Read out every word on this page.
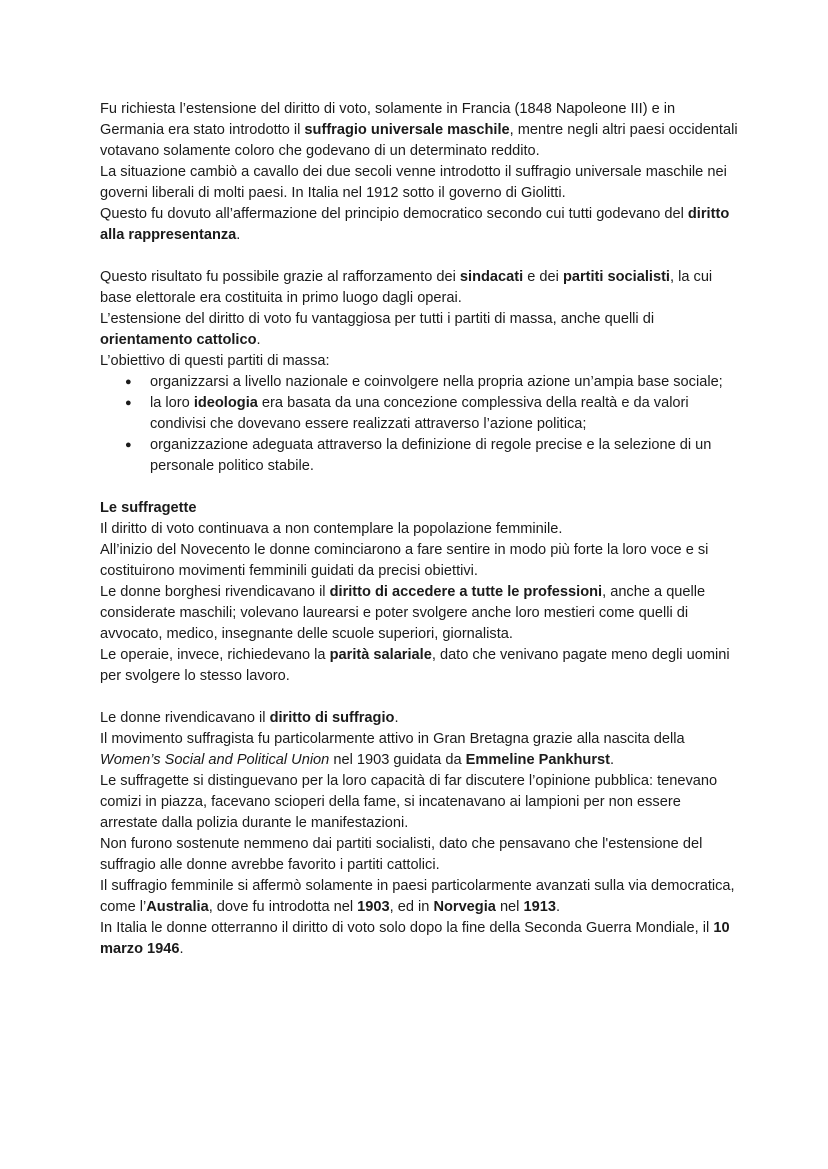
Fu richiesta l’estensione del diritto di voto, solamente in Francia (1848 Napoleone III) e in Germania era stato introdotto il suffragio universale maschile, mentre negli altri paesi occidentali votavano solamente coloro che godevano di un determinato reddito.

La situazione cambiò a cavallo dei due secoli venne introdotto il suffragio universale maschile nei governi liberali di molti paesi. In Italia nel 1912 sotto il governo di Giolitti.

Questo fu dovuto all’affermazione del principio democratico secondo cui tutti godevano del diritto alla rappresentanza.

Questo risultato fu possibile grazie al rafforzamento dei sindacati e dei partiti socialisti, la cui base elettorale era costituita in primo luogo dagli operai.

L’estensione del diritto di voto fu vantaggiosa per tutti i partiti di massa, anche quelli di orientamento cattolico.

L’obiettivo di questi partiti di massa:

● organizzarsi a livello nazionale e coinvolgere nella propria azione un’ampia base sociale;
● la loro ideologia era basata da una concezione complessiva della realtà e da valori condivisi che dovevano essere realizzati attraverso l’azione politica;
● organizzazione adeguata attraverso la definizione di regole precise e la selezione di un personale politico stabile.

Le suffragette

Il diritto di voto continuava a non contemplare la popolazione femminile.

All’inizio del Novecento le donne cominciarono a fare sentire in modo più forte la loro voce e si costituirono movimenti femminili guidati da precisi obiettivi.

Le donne borghesi rivendicavano il diritto di accedere a tutte le professioni, anche a quelle considerate maschili; volevano laurearsi e poter svolgere anche loro mestieri come quelli di avvocato, medico, insegnante delle scuole superiori, giornalista.

Le operaie, invece, richiedevano la parità salariale, dato che venivano pagate meno degli uomini per svolgere lo stesso lavoro.

Le donne rivendicavano il diritto di suffragio.

Il movimento suffragista fu particolarmente attivo in Gran Bretagna grazie alla nascita della Women’s Social and Political Union nel 1903 guidata da Emmeline Pankhurst.

Le suffragette si distinguevano per la loro capacità di far discutere l’opinione pubblica: tenevano comizi in piazza, facevano scioperi della fame, si incatenavano ai lampioni per non essere arrestate dalla polizia durante le manifestazioni.

Non furono sostenute nemmeno dai partiti socialisti, dato che pensavano che l'estensione del suffragio alle donne avrebbe favorito i partiti cattolici.

Il suffragio femminile si affermò solamente in paesi particolarmente avanzati sulla via democratica, come l’Australia, dove fu introdotta nel 1903, ed in Norvegia nel 1913.

In Italia le donne otterranno il diritto di voto solo dopo la fine della Seconda Guerra Mondiale, il 10 marzo 1946.
